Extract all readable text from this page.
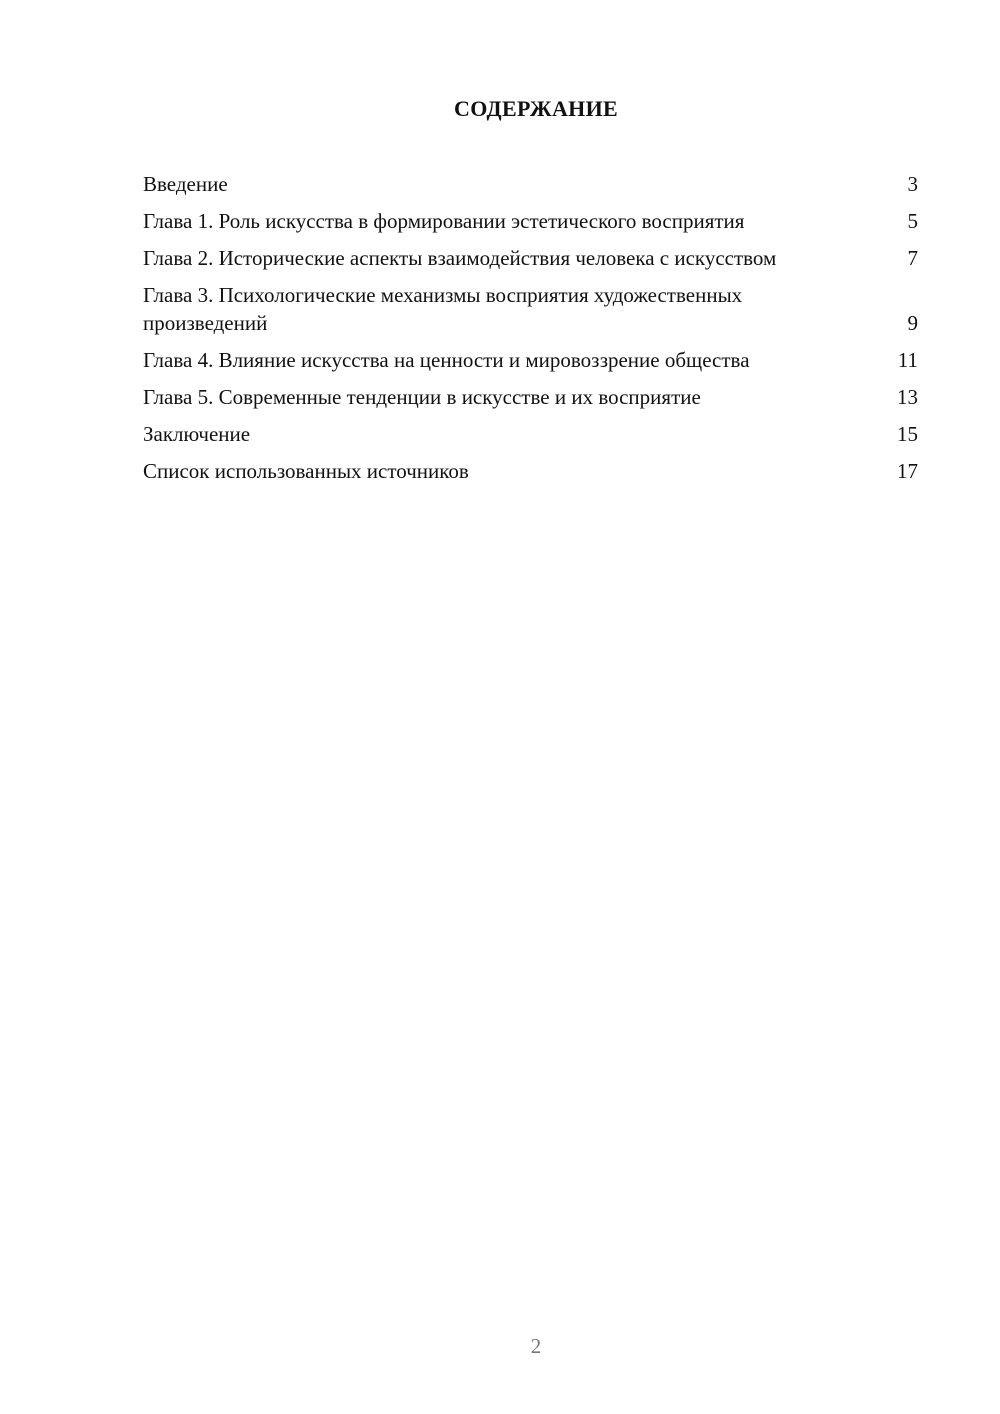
СОДЕРЖАНИЕ
Введение	3
Глава 1. Роль искусства в формировании эстетического восприятия	5
Глава 2. Исторические аспекты взаимодействия человека с искусством	7
Глава 3. Психологические механизмы восприятия художественных произведений	9
Глава 4. Влияние искусства на ценности и мировоззрение общества	11
Глава 5. Современные тенденции в искусстве и их восприятие	13
Заключение	15
Список использованных источников	17
2
